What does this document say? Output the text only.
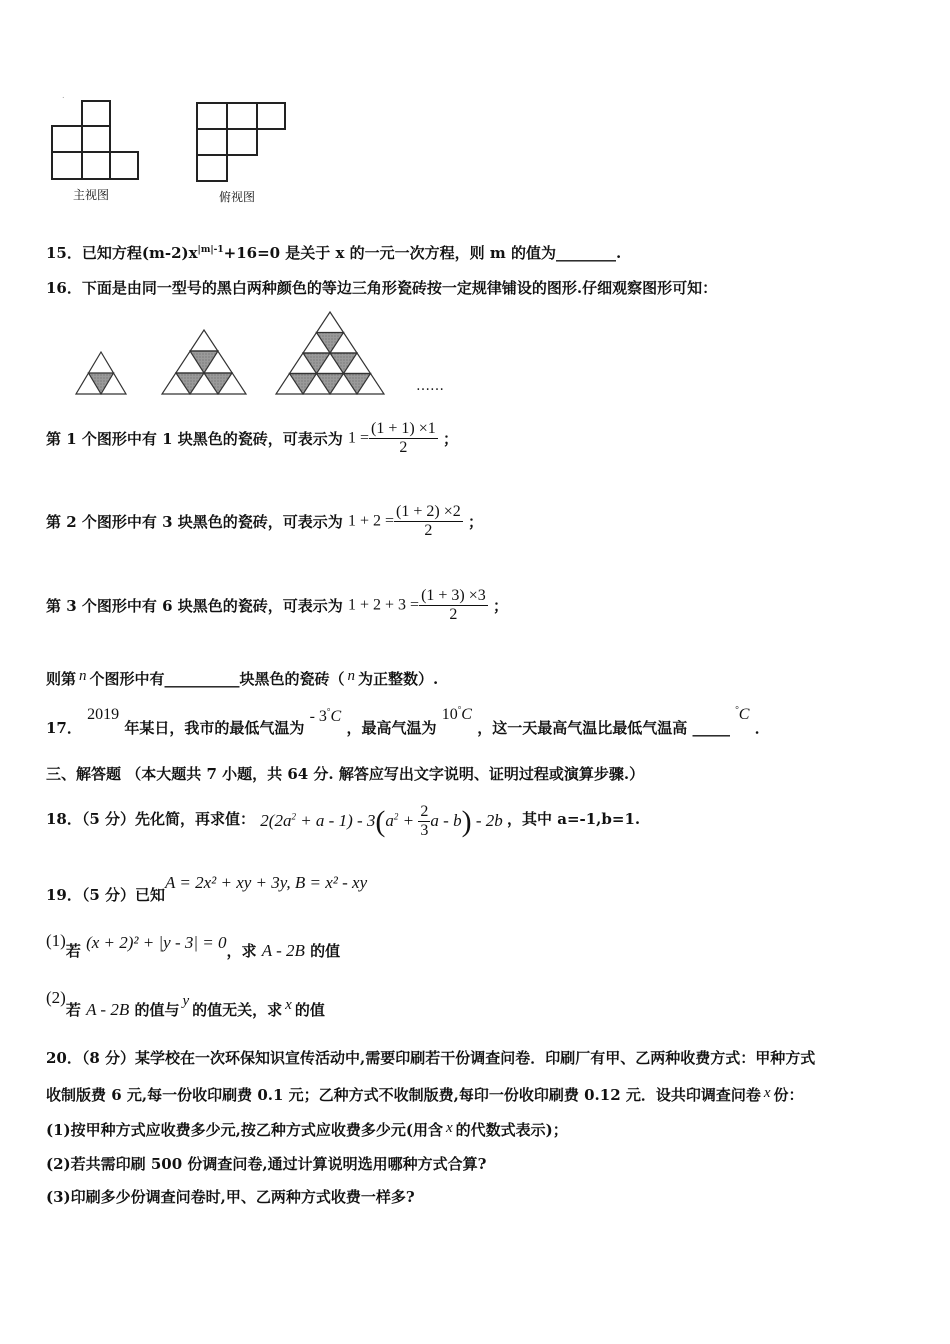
.
主视图	俯视图
15．已知方程$(m-2)x^{|m|-1}+16=0$ 是关于 x 的一元一次方程，则 m 的值为________.
16．下面是由同一型号的黑白两种颜色的等边三角形瓷砖按一定规律铺设的图形.仔细观察图形可知：
……
第 1 个图形中有 1 块黑色的瓷砖，可表示为 $1 = \frac{(1 + 1) \times 1}{2}$ ；
第 2 个图形中有 3 块黑色的瓷砖，可表示为 $1 + 2 = \frac{(1 + 2) \times 2}{2}$ ；
第 3 个图形中有 6 块黑色的瓷砖，可表示为 $1 + 2 + 3 = \frac{(1 + 3) \times 3}{2}$ ；
则第 n 个图形中有__________块黑色的瓷砖（ n 为正整数）.
17． 2019 年某日，我市的最低气温为 - 3°C ，最高气温为 10°C ，这一天最高气温比最低气温高 _____ °C ．
三、解答题 （本大题共 7 小题，共 64 分. 解答应写出文字说明、证明过程或演算步骤.）
18．（5 分）先化简，再求值： $2(2a^2 + a - 1) - 3(a^2 + \frac{2}{3}$ a - b) - 2b ，其中 a=-1,b=1.
19．（5 分）已知A = 2x² + xy + 3y, B = x² - xy
(1)若 (x + 2)² + |y - 3| = 0，求 A - 2B 的值
(2)若 A - 2B 的值与 y 的值无关，求 x 的值
20．（8 分）某学校在一次环保知识宣传活动中,需要印刷若干份调查问卷．印刷厂有甲、乙两种收费方式：甲种方式
收制版费 6 元,每一份收印刷费 0.1 元；乙种方式不收制版费,每印一份收印刷费 0.12 元．设共印调查问卷 x 份：
(1)按甲种方式应收费多少元,按乙种方式应收费多少元(用含 x 的代数式表示)；
(2)若共需印刷 500 份调查问卷,通过计算说明选用哪种方式合算?
(3)印刷多少份调查问卷时,甲、乙两种方式收费一样多?
